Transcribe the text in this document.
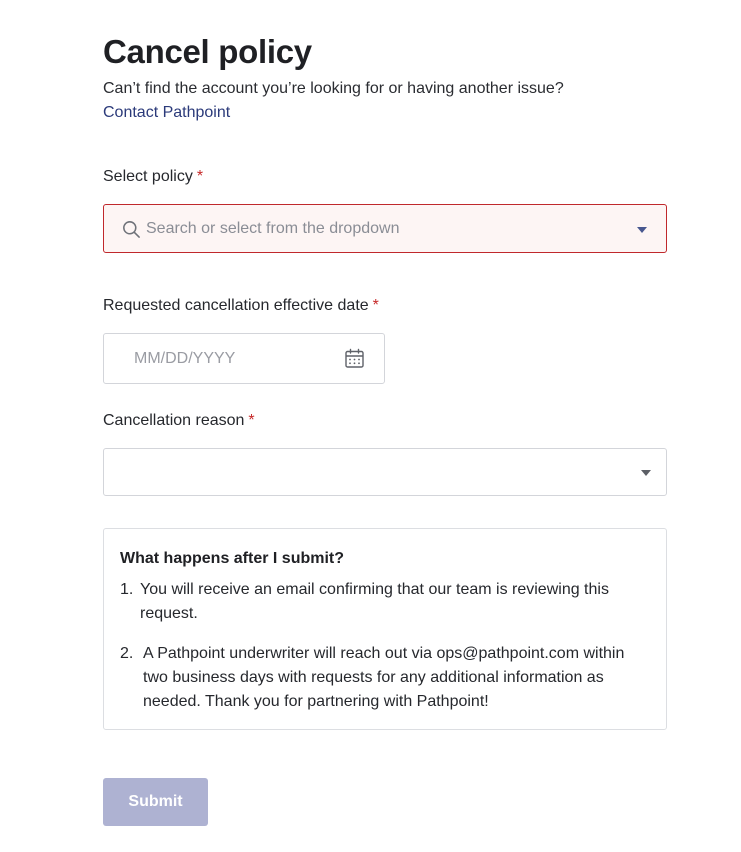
Cancel policy

Can’t find the account you’re looking for or having another issue?

Contact Pathpoint
Select policy *
Search or select from the dropdown
Requested cancellation effective date *
MM/DD/YYYY
Cancellation reason *
What happens after I submit?
1. You will receive an email confirming that our team is reviewing this request.
2. A Pathpoint underwriter will reach out via ops@pathpoint.com within two business days with requests for any additional information as needed. Thank you for partnering with Pathpoint!
Submit
